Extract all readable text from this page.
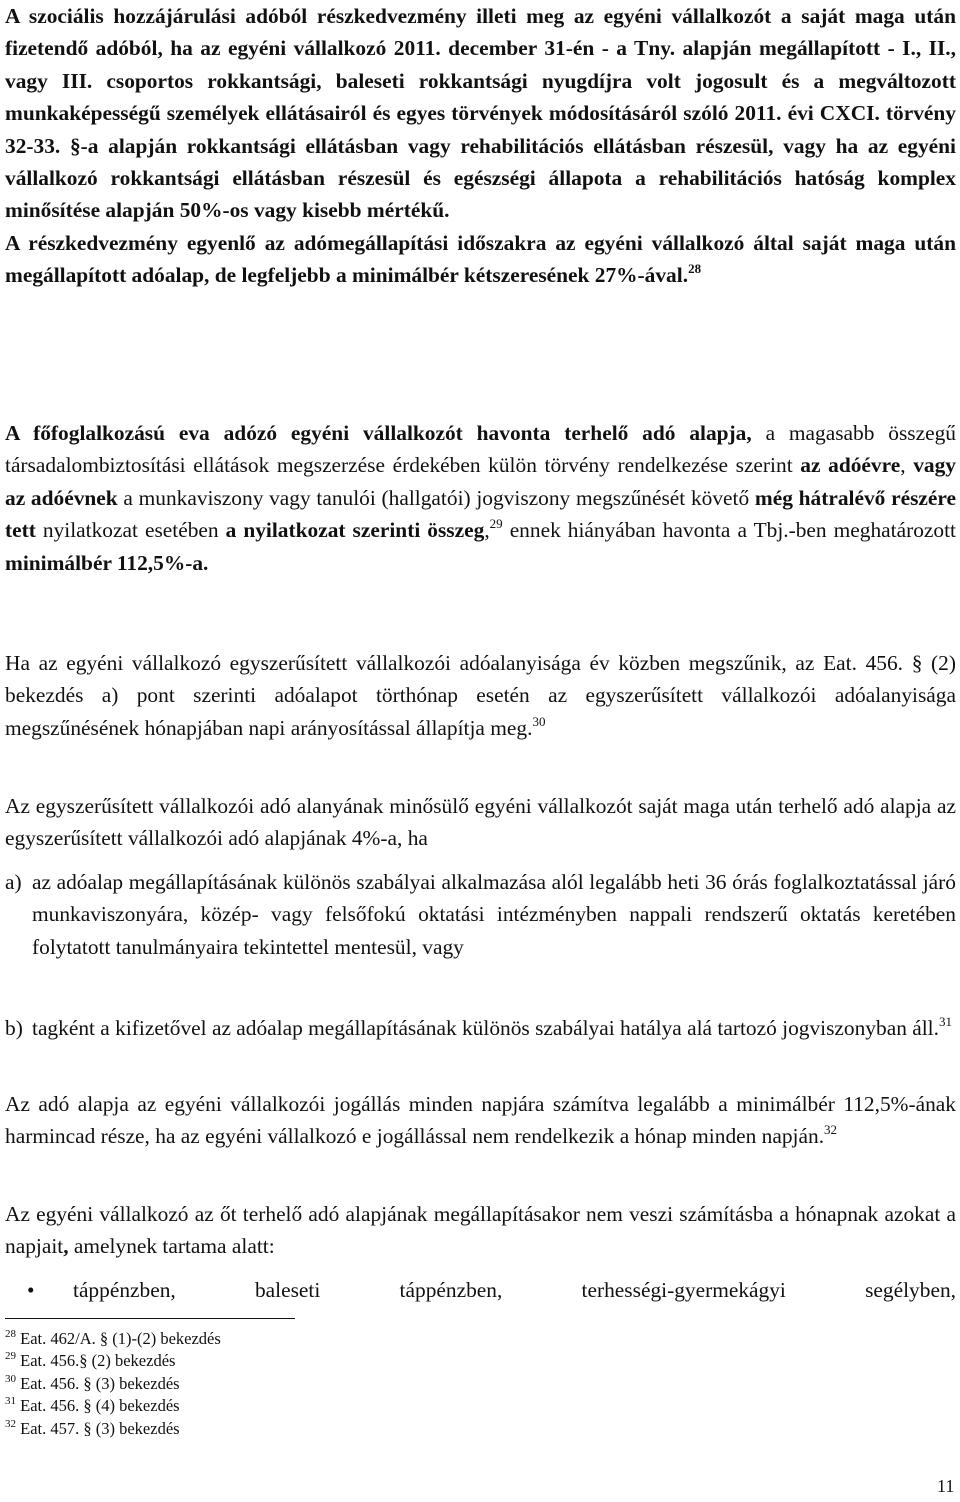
A szociális hozzájárulási adóból részkedvezmény illeti meg az egyéni vállalkozót a saját maga után fizetendő adóból, ha az egyéni vállalkozó 2011. december 31-én - a Tny. alapján megállapított - I., II., vagy III. csoportos rokkantsági, baleseti rokkantsági nyugdíjra volt jogosult és a megváltozott munkaképességű személyek ellátásairól és egyes törvények módosításáról szóló 2011. évi CXCI. törvény 32-33. §-a alapján rokkantsági ellátásban vagy rehabilitációs ellátásban részesül, vagy ha az egyéni vállalkozó rokkantsági ellátásban részesül és egészségi állapota a rehabilitációs hatóság komplex minősítése alapján 50%-os vagy kisebb mértékű.
A részkedvezmény egyenlő az adómegállapítási időszakra az egyéni vállalkozó által saját maga után megállapított adóalap, de legfeljebb a minimálbér kétszeresének 27%-ával.$^{28}$
A főfoglalkozású eva adózó egyéni vállalkozót havonta terhelő adó alapja, a magasabb összegű társadalombiztosítási ellátások megszerzése érdekében külön törvény rendelkezése szerint az adóévre, vagy az adóévnek a munkaviszony vagy tanulói (hallgatói) jogviszony megszűnését követő még hátralévő részére tett nyilatkozat esetében a nyilatkozat szerinti összeg,$^{29}$ ennek hiányában havonta a Tbj.-ben meghatározott minimálbér 112,5%-a.
Ha az egyéni vállalkozó egyszerűsített vállalkozói adóalanyisága év közben megszűnik, az Eat. 456. § (2) bekezdés a) pont szerinti adóalapot törthónap esetén az egyszerűsített vállalkozói adóalanyisága megszűnésének hónapjában napi arányosítással állapítja meg.$^{30}$
Az egyszerűsített vállalkozói adó alanyának minősülő egyéni vállalkozót saját maga után terhelő adó alapja az egyszerűsített vállalkozói adó alapjának 4%-a, ha
a) az adóalap megállapításának különös szabályai alkalmazása alól legalább heti 36 órás foglalkoztatással járó munkaviszonyára, közép- vagy felsőfokú oktatási intézményben nappali rendszerű oktatás keretében folytatott tanulmányaira tekintettel mentesül, vagy
b) tagként a kifizetővel az adóalap megállapításának különös szabályai hatálya alá tartozó jogviszonyban áll.$^{31}$
Az adó alapja az egyéni vállalkozói jogállás minden napjára számítva legalább a minimálbér 112,5%-ának harmincad része, ha az egyéni vállalkozó e jogállással nem rendelkezik a hónap minden napján.$^{32}$
Az egyéni vállalkozó az őt terhelő adó alapjának megállapításakor nem veszi számításba a hónapnak azokat a napjait, amelynek tartama alatt:
• táppénzben, baleseti táppénzben, terhességi-gyermekágyi segélyben,
$^{28}$ Eat. 462/A. § (1)-(2) bekezdés
$^{29}$ Eat. 456.§ (2) bekezdés
$^{30}$ Eat. 456. § (3) bekezdés
$^{31}$ Eat. 456. § (4) bekezdés
$^{32}$ Eat. 457. § (3) bekezdés
11
